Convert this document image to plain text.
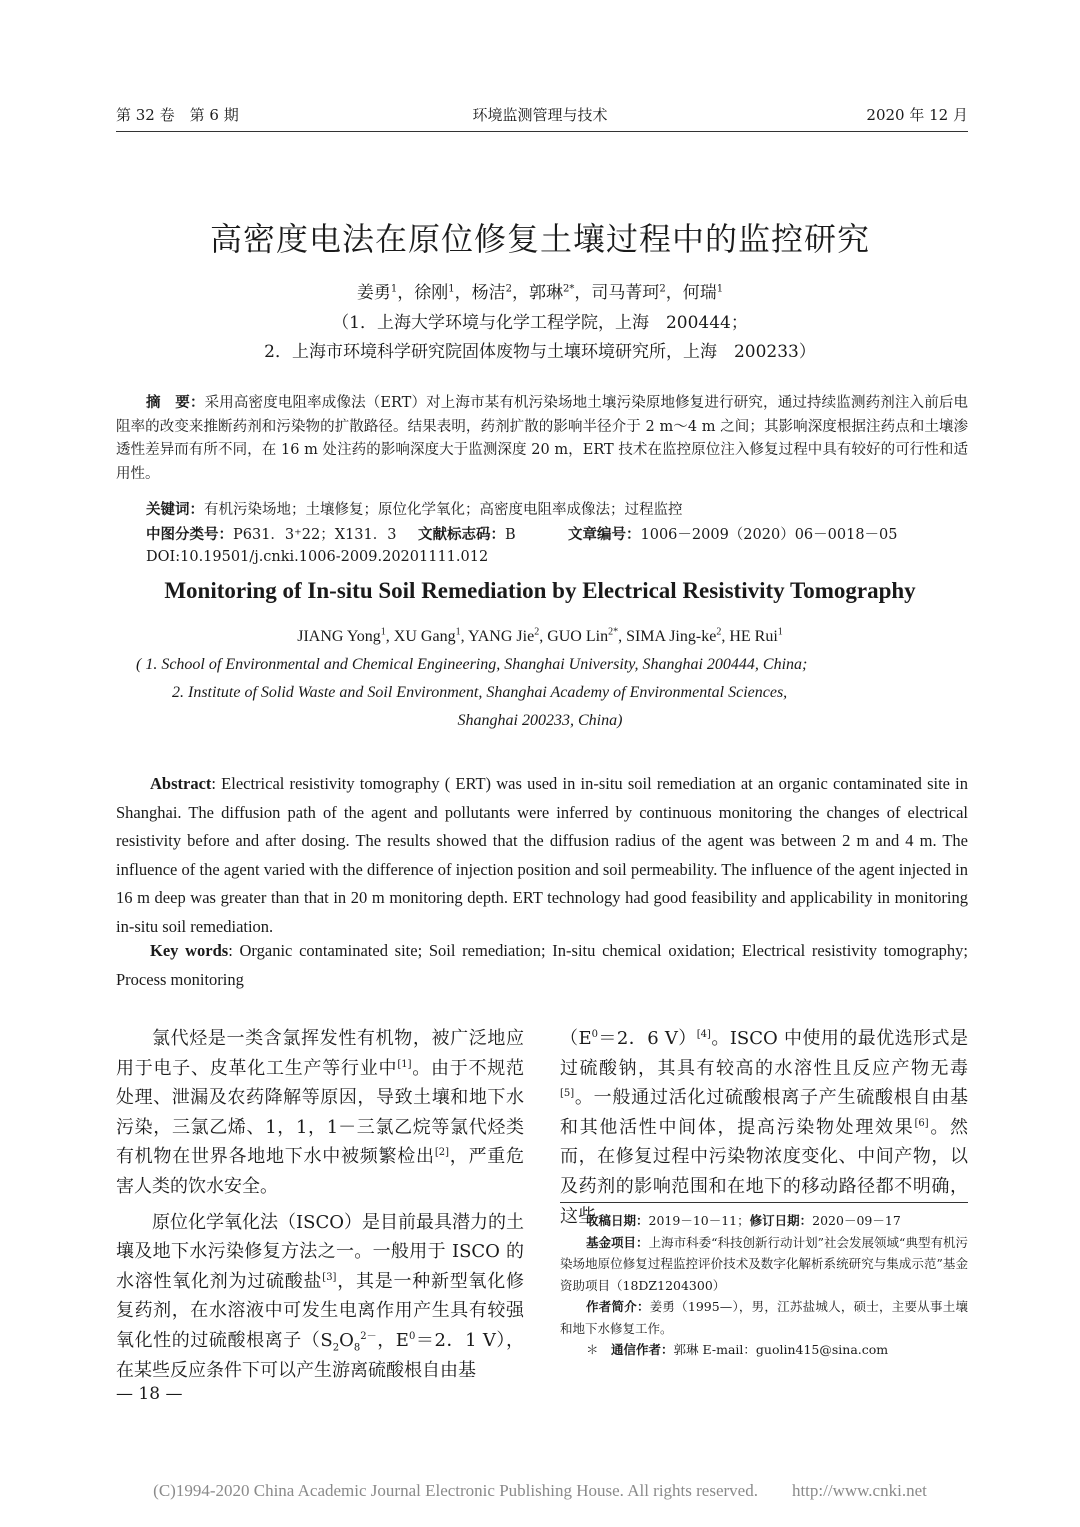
第 32 卷　第 6 期	环境监测管理与技术	2020 年 12 月
高密度电法在原位修复土壤过程中的监控研究
姜勇$^1$，徐刚$^1$，杨洁$^2$，郭琳$^{2*}$，司马菁珂$^2$，何瑞$^1$
（1．上海大学环境与化学工程学院，上海　200444；
2．上海市环境科学研究院固体废物与土壤环境研究所，上海　200233）
摘　要：采用高密度电阻率成像法（ERT）对上海市某有机污染场地土壤污染原地修复进行研究，通过持续监测药剂注入前后电阻率的改变来推断药剂和污染物的扩散路径。结果表明，药剂扩散的影响半径介于 2 m～4 m 之间；其影响深度根据注药点和土壤渗透性差异而有所不同，在 16 m 处注药的影响深度大于监测深度 20 m，ERT 技术在监控原位注入修复过程中具有较好的可行性和适用性。
关键词：有机污染场地；土壤修复；原位化学氧化；高密度电阻率成像法；过程监控
中图分类号：P631．3⁺22；X131．3 文献标志码：B	文章编号：1006－2009（2020）06－0018－05
DOI:10.19501/j.cnki.1006-2009.20201111.012
Monitoring of In-situ Soil Remediation by Electrical Resistivity Tomography
JIANG Yong$^1$, XU Gang$^1$, YANG Jie$^2$, GUO Lin$^{2*}$, SIMA Jing-$ke^2$, HE Rui$^1$
( 1. School of Environmental and Chemical Engineering, Shanghai University, Shanghai 200444, China;
2. Institute of Solid Waste and Soil Environment, Shanghai Academy of Environmental Sciences,
Shanghai 200233, China)
Abstract: Electrical resistivity tomography ( ERT) was used in in-situ soil remediation at an organic contaminated site in Shanghai. The diffusion path of the agent and pollutants were inferred by continuous monitoring the changes of electrical resistivity before and after dosing. The results showed that the diffusion radius of the agent was between 2 m and 4 m. The influence of the agent varied with the difference of injection position and soil permeability. The influence of the agent injected in 16 m deep was greater than that in 20 m monitoring depth. ERT technology had good feasibility and applicability in monitoring in-situ soil remediation.
Key words: Organic contaminated site; Soil remediation; In-situ chemical oxidation; Electrical resistivity tomography; Process monitoring

氯代烃是一类含氯挥发性有机物，被广泛地应用于电子、皮革化工生产等行业中[1]。由于不规范处理、泄漏及农药降解等原因，导致土壤和地下水污染，三氯乙烯、1，1，1－三氯乙烷等氯代烃类有机物在世界各地地下水中被频繁检出[2]，严重危害人类的饮水安全。

原位化学氧化法（ISCO）是目前最具潜力的土壤及地下水污染修复方法之一。一般用于 ISCO 的水溶性氧化剂为过硫酸盐[3]，其是一种新型氧化修复药剂，在水溶液中可发生电离作用产生具有较强氧化性的过硫酸根离子（$S_2O_8^{2-}$，$E^0=2$．1 V），在某些反应条件下可以产生游离硫酸根自由基

（$E^0=2$．6 V）[4]。ISCO 中使用的最优选形式是过硫酸钠，其具有较高的水溶性且反应产物无毒[5]。一般通过活化过硫酸根离子产生硫酸根自由基和其他活性中间体，提高污染物处理效果[6]。然而，在修复过程中污染物浓度变化、中间产物，以及药剂的影响范围和在地下的移动路径都不明确，这些

收稿日期：2019－10－11；修订日期：2020－09－17

基金项目：上海市科委“科技创新行动计划”社会发展领域“典型有机污染场地原位修复过程监控评价技术及数字化解析系统研究与集成示范”基金资助项目（18DZ1204300）

作者简介：姜勇（1995—），男，江苏盐城人，硕士，主要从事土壤和地下水修复工作。

＊　 通信作者：郭琳 E-mail：guolin415@sina.com

— 18 —
(C)1994-2020 China Academic Journal Electronic Publishing House. All rights reserved.　　http://www.cnki.net
